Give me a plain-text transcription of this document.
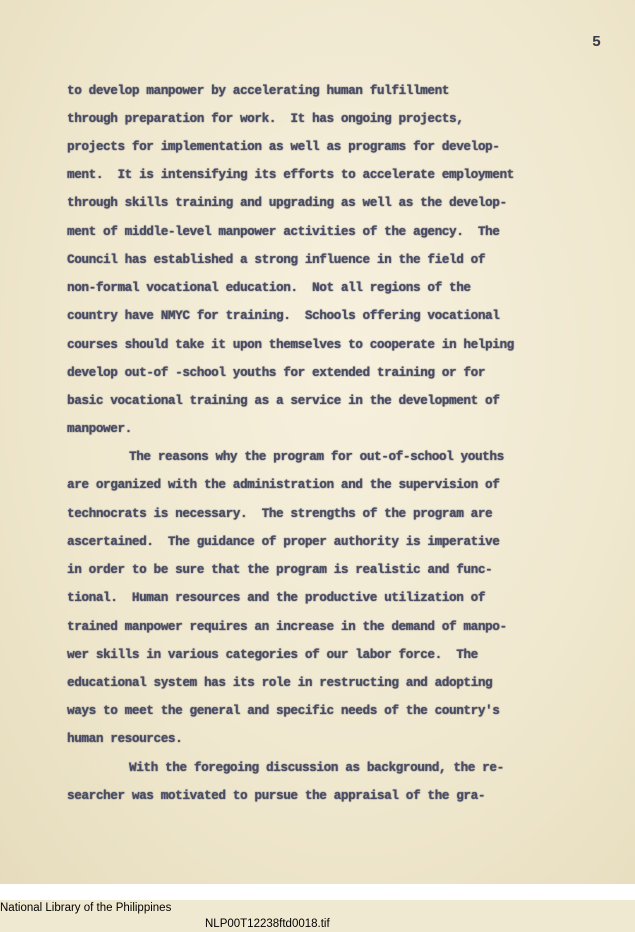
5
to develop manpower by accelerating human fulfillment
through preparation for work.  It has ongoing projects,
projects for implementation as well as programs for develop-
ment.  It is intensifying its efforts to accelerate employment
through skills training and upgrading as well as the develop-
ment of middle-level manpower activities of the agency.  The
Council has established a strong influence in the field of
non-formal vocational education.  Not all regions of the
country have NMYC for training.  Schools offering vocational
courses should take it upon themselves to cooperate in helping
develop out-of -school youths for extended training or for
basic vocational training as a service in the development of
manpower.
The reasons why the program for out-of-school youths
are organized with the administration and the supervision of
technocrats is necessary.  The strengths of the program are
ascertained.  The guidance of proper authority is imperative
in order to be sure that the program is realistic and func-
tional.  Human resources and the productive utilization of
trained manpower requires an increase in the demand of manpo-
wer skills in various categories of our labor force.  The
educational system has its role in restructing and adopting
ways to meet the general and specific needs of the country's
human resources.
With the foregoing discussion as background, the re-
searcher was motivated to pursue the appraisal of the gra-

National Library of the Philippines

NLP00T12238ftd0018.tif
